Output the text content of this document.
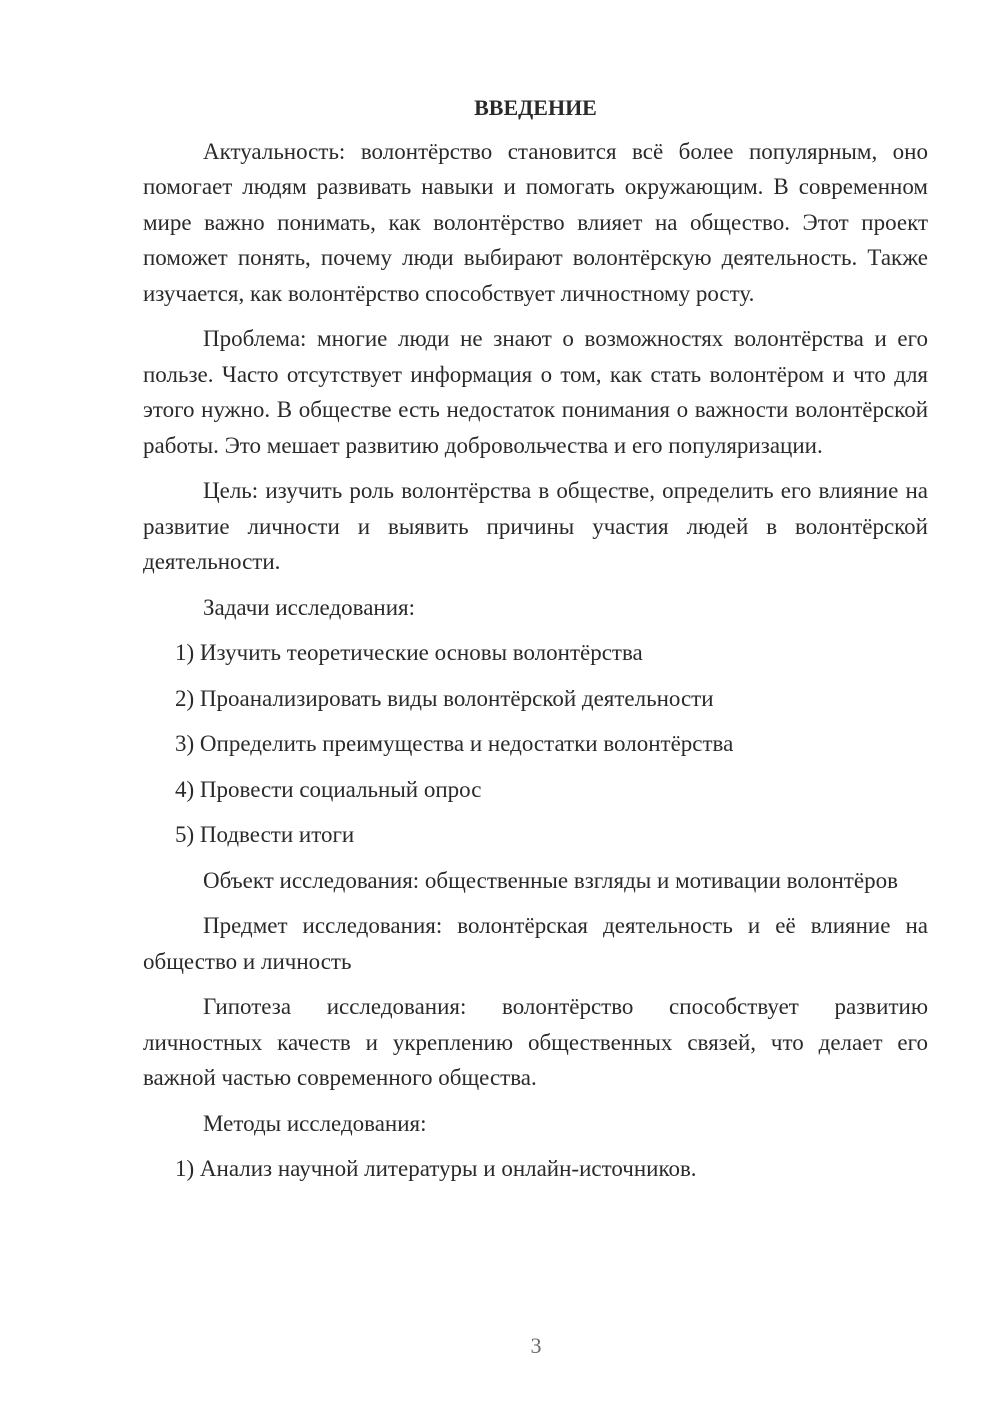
ВВЕДЕНИЕ

Актуальность: волонтёрство становится всё более популярным, оно помогает людям развивать навыки и помогать окружающим. В современном мире важно понимать, как волонтёрство влияет на общество. Этот проект поможет понять, почему люди выбирают волонтёрскую деятельность. Также изучается, как волонтёрство способствует личностному росту.

Проблема: многие люди не знают о возможностях волонтёрства и его пользе. Часто отсутствует информация о том, как стать волонтёром и что для этого нужно. В обществе есть недостаток понимания о важности волонтёрской работы. Это мешает развитию добровольчества и его популяризации.

Цель: изучить роль волонтёрства в обществе, определить его влияние на развитие личности и выявить причины участия людей в волонтёрской деятельности.

Задачи исследования:

1) Изучить теоретические основы волонтёрства
2) Проанализировать виды волонтёрской деятельности
3) Определить преимущества и недостатки волонтёрства
4) Провести социальный опрос
5) Подвести итоги

Объект исследования: общественные взгляды и мотивации волонтёров

Предмет исследования: волонтёрская деятельность и её влияние на общество и личность

Гипотеза исследования: волонтёрство способствует развитию личностных качеств и укреплению общественных связей, что делает его важной частью современного общества.

Методы исследования:

1) Анализ научной литературы и онлайн-источников.
3
